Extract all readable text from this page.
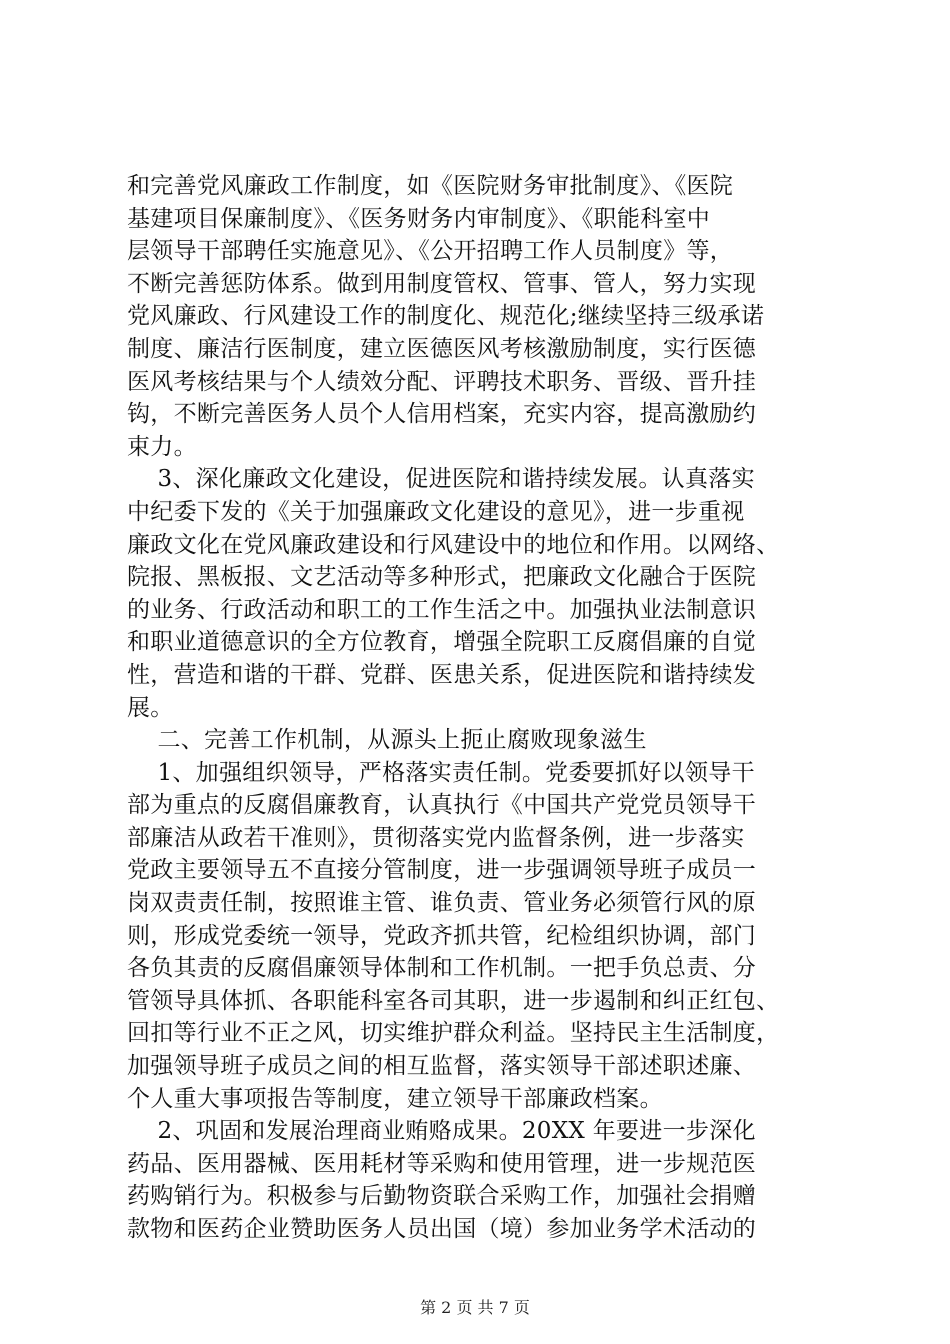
和完善党风廉政工作制度，如《医院财务审批制度》、《医院
基建项目保廉制度》、《医务财务内审制度》、《职能科室中
层领导干部聘任实施意见》、《公开招聘工作人员制度》等，
不断完善惩防体系。做到用制度管权、管事、管人，努力实现
党风廉政、行风建设工作的制度化、规范化;继续坚持三级承诺
制度、廉洁行医制度，建立医德医风考核激励制度，实行医德
医风考核结果与个人绩效分配、评聘技术职务、晋级、晋升挂
钩，不断完善医务人员个人信用档案，充实内容，提高激励约
束力。
3、深化廉政文化建设，促进医院和谐持续发展。认真落实
中纪委下发的《关于加强廉政文化建设的意见》，进一步重视
廉政文化在党风廉政建设和行风建设中的地位和作用。以网络、
院报、黑板报、文艺活动等多种形式，把廉政文化融合于医院
的业务、行政活动和职工的工作生活之中。加强执业法制意识
和职业道德意识的全方位教育，增强全院职工反腐倡廉的自觉
性，营造和谐的干群、党群、医患关系，促进医院和谐持续发
展。
二、完善工作机制，从源头上扼止腐败现象滋生
1、加强组织领导，严格落实责任制。党委要抓好以领导干
部为重点的反腐倡廉教育，认真执行《中国共产党党员领导干
部廉洁从政若干准则》，贯彻落实党内监督条例，进一步落实
党政主要领导五不直接分管制度，进一步强调领导班子成员一
岗双责责任制，按照谁主管、谁负责、管业务必须管行风的原
则，形成党委统一领导，党政齐抓共管，纪检组织协调，部门
各负其责的反腐倡廉领导体制和工作机制。一把手负总责、分
管领导具体抓、各职能科室各司其职，进一步遏制和纠正红包、
回扣等行业不正之风，切实维护群众利益。坚持民主生活制度，
加强领导班子成员之间的相互监督，落实领导干部述职述廉、
个人重大事项报告等制度，建立领导干部廉政档案。
2、巩固和发展治理商业贿赂成果。20XX 年要进一步深化
药品、医用器械、医用耗材等采购和使用管理，进一步规范医
药购销行为。积极参与后勤物资联合采购工作，加强社会捐赠
款物和医药企业赞助医务人员出国（境）参加业务学术活动的
第 2 页 共 7 页
